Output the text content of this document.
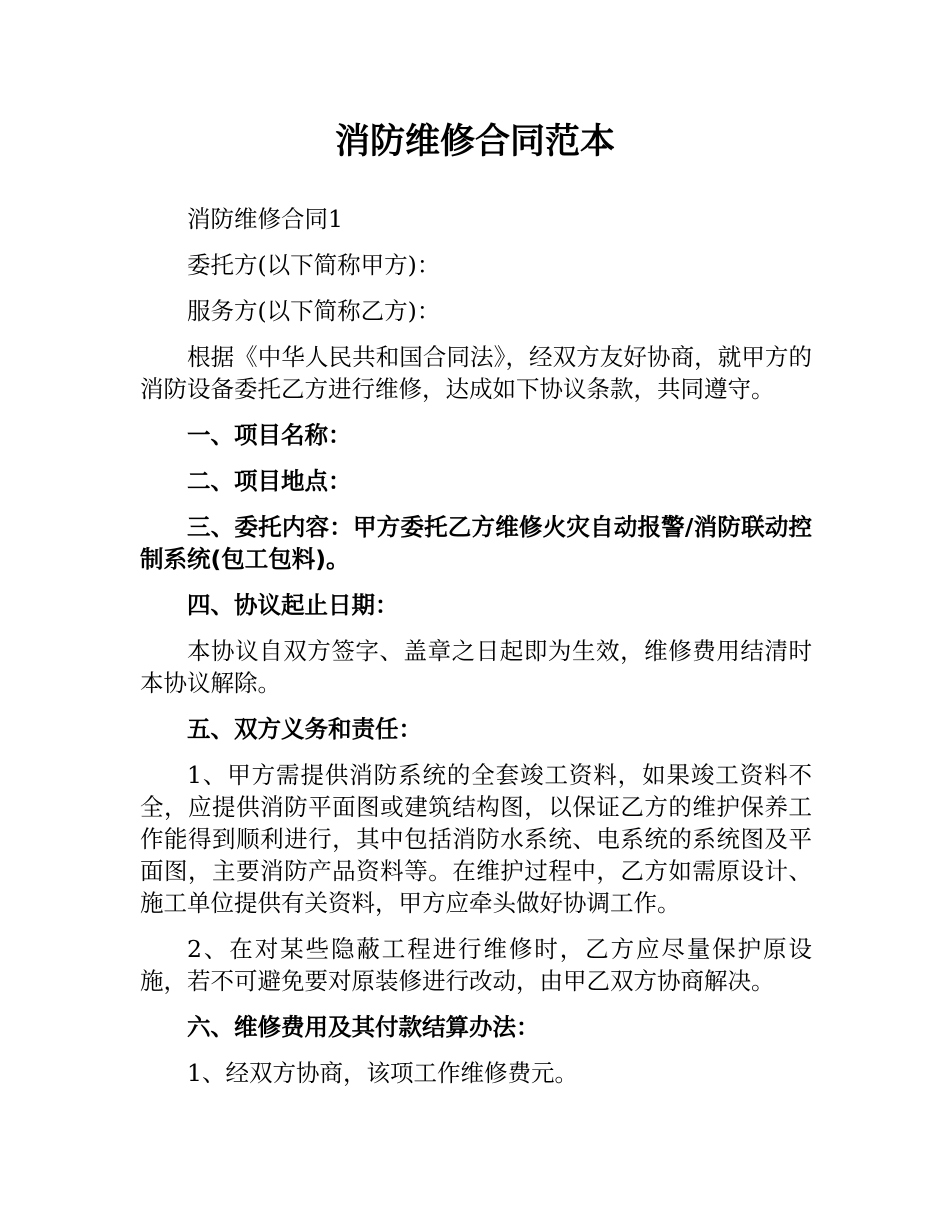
消防维修合同范本

消防维修合同1

委托方(以下简称甲方)：

服务方(以下简称乙方)：

根据《中华人民共和国合同法》，经双方友好协商，就甲方的消防设备委托乙方进行维修，达成如下协议条款，共同遵守。

一、项目名称：

二、项目地点：

三、委托内容：甲方委托乙方维修火灾自动报警/消防联动控制系统(包工包料)。

四、协议起止日期：

本协议自双方签字、盖章之日起即为生效，维修费用结清时本协议解除。

五、双方义务和责任：

1、甲方需提供消防系统的全套竣工资料，如果竣工资料不全，应提供消防平面图或建筑结构图，以保证乙方的维护保养工作能得到顺利进行，其中包括消防水系统、电系统的系统图及平面图，主要消防产品资料等。在维护过程中，乙方如需原设计、施工单位提供有关资料，甲方应牵头做好协调工作。

2、在对某些隐蔽工程进行维修时，乙方应尽量保护原设施，若不可避免要对原装修进行改动，由甲乙双方协商解决。

六、维修费用及其付款结算办法：

1、经双方协商，该项工作维修费元。
